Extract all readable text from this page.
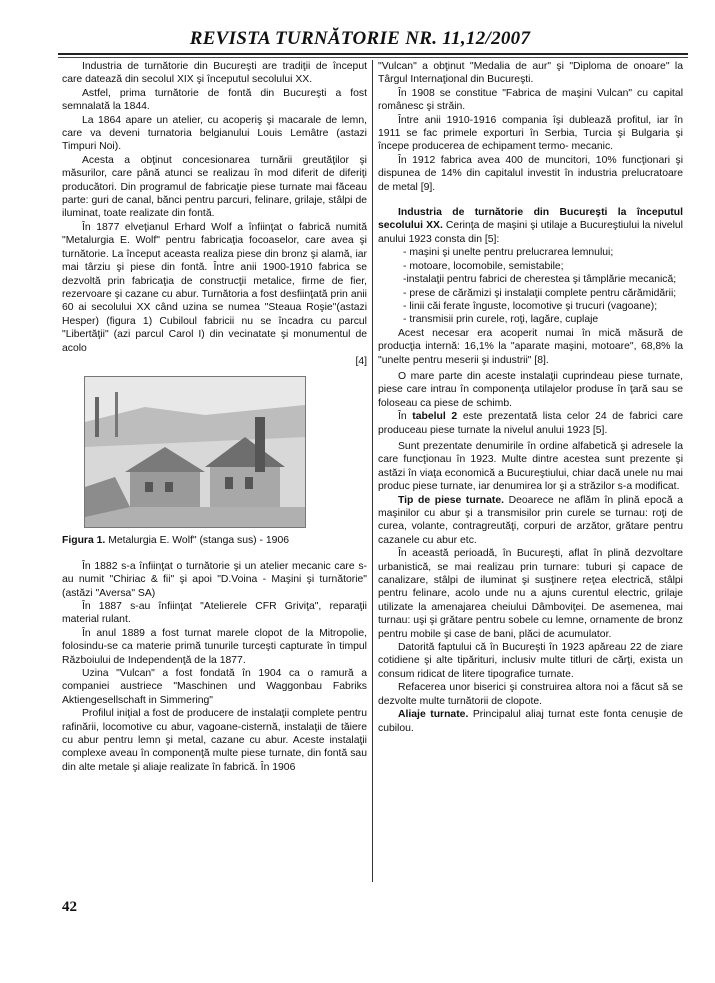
REVISTA TURNĂTORIE NR. 11,12/2007

Industria de turnătorie din Bucureşti are tradiţii de început care datează din secolul XIX şi începutul secolului XX.

Astfel, prima turnătorie de fontă din Bucureşti a fost semnalată la 1844.

La 1864 apare un atelier, cu acoperiş şi macarale de lemn, care va deveni turnatoria belgianului Louis Lemâtre (astazi Timpuri Noi).

Acesta a obţinut concesionarea turnării greutăţilor şi măsurilor, care până atunci se realizau în mod diferit de diferiţi producători. Din programul de fabricaţie piese turnate mai făceau parte: guri de canal, bănci pentru parcuri, felinare, grilaje, stâlpi de iluminat, toate realizate din fontă.

În 1877 elveţianul Erhard Wolf a înfiinţat o fabrică numită "Metalurgia E. Wolf" pentru fabricaţia focoaselor, care avea şi turnătorie. La început aceasta realiza piese din bronz şi alamă, iar mai târziu şi piese din fontă. Între anii 1900-1910 fabrica se dezvoltă prin fabricaţia de construcţii metalice, firme de fier, rezervoare şi cazane cu abur. Turnătoria a fost desfiinţată prin anii 60 ai secolului XX când uzina se numea "Steaua Roşie"(astazi Hesper) (figura 1) Cubiloul fabricii nu se încadra cu parcul "Libertăţii" (azi parcul Carol I) din vecinatate şi monumentul de acolo

[4]

Figura 1. Metalurgia E. Wolf" (stanga sus) - 1906

În 1882 s-a înfiinţat o turnătorie şi un atelier mecanic care s-au numit "Chiriac & fii" şi apoi "D.Voina - Maşini şi turnătorie" (astăzi "Aversa" SA)

În 1887 s-au înfiinţat "Atelierele CFR Griviţa", reparaţii material rulant.

În anul 1889 a fost turnat marele clopot de la Mitropolie, folosindu-se ca materie primă tunurile turceşti capturate în timpul Războiului de Independenţă de la 1877.

Uzina "Vulcan" a fost fondată în 1904 ca o ramură a companiei austriece "Maschinen und Waggonbau Fabriks Aktiengesellschaft in Simmering"

Profilul iniţial a fost de producere de instalaţii complete pentru rafinării, locomotive cu abur, vagoane-cisternă, instalaţii de tăiere cu abur pentru lemn şi metal, cazane cu abur. Aceste instalaţii complexe aveau în componenţă multe piese turnate, din fontă sau din alte metale şi aliaje realizate în fabrică. În 1906

"Vulcan" a obţinut "Medalia de aur" şi "Diploma de onoare" la Târgul Internaţional din Bucureşti.

În 1908 se constitue "Fabrica de maşini Vulcan" cu capital românesc şi străin.

Între anii 1910-1916 compania îşi dublează profitul, iar în 1911 se fac primele exporturi în Serbia, Turcia şi Bulgaria şi începe producerea de echipament termo- mecanic.

În 1912 fabrica avea 400 de muncitori, 10% funcţionari şi dispunea de 14% din capitalul investit în industria prelucratoare de metal [9].

Industria de turnătorie din Bucureşti la începutul secolului XX. Cerinţa de maşini şi utilaje a Bucureştiului la nivelul anului 1923 consta din [5]:

- maşini şi unelte pentru prelucrarea lemnului;

- motoare, locomobile, semistabile;

-instalaţii pentru fabrici de cherestea şi tâmplărie mecanică;

- prese de cărămizi şi instalaţii complete pentru cărămidării;

- linii căi ferate înguste, locomotive şi trucuri (vagoane);

- transmisii prin curele, roţi, lagăre, cuplaje

Acest necesar era acoperit numai în mică măsură de producţia internă: 16,1% la "aparate maşini, motoare", 68,8% la "unelte pentru meserii şi industrii" [8].

O mare parte din aceste instalaţii cuprindeau piese turnate, piese care intrau în componenţa utilajelor produse în ţară sau se foloseau ca piese de schimb.

În tabelul 2 este prezentată lista celor 24 de fabrici care produceau piese turnate la nivelul anului 1923 [5].

Sunt prezentate denumirile în ordine alfabetică şi adresele la care funcţionau în 1923. Multe dintre acestea sunt prezente şi astăzi în viaţa economică a Bucureştiului, chiar dacă unele nu mai produc piese turnate, iar denumirea lor şi a străzilor s-a modificat.

Tip de piese turnate. Deoarece ne aflăm în plină epocă a maşinilor cu abur şi a transmisilor prin curele se turnau: roţi de curea, volante, contragreutăţi, corpuri de arzător, grătare pentru cazanele cu abur etc.

În această perioadă, în Bucureşti, aflat în plină dezvoltare urbanistică, se mai realizau prin turnare: tuburi şi capace de canalizare, stâlpi de iluminat şi susţinere reţea electrică, stâlpi pentru felinare, acolo unde nu a ajuns curentul electric, grilaje utilizate la amenajarea cheiului Dâmboviţei. De asemenea, mai turnau: uşi şi grătare pentru sobele cu lemne, ornamente de bronz pentru mobile şi case de bani, plăci de acumulator.

Datorită faptului că în Bucureşti în 1923 apăreau 22 de ziare cotidiene şi alte tipărituri, inclusiv multe titluri de cărţi, exista un consum ridicat de litere tipografice turnate.

Refacerea unor biserici şi construirea altora noi a făcut să se dezvolte multe turnătorii de clopote.

Aliaje turnate. Principalul aliaj turnat este fonta cenuşie de cubilou.

42
